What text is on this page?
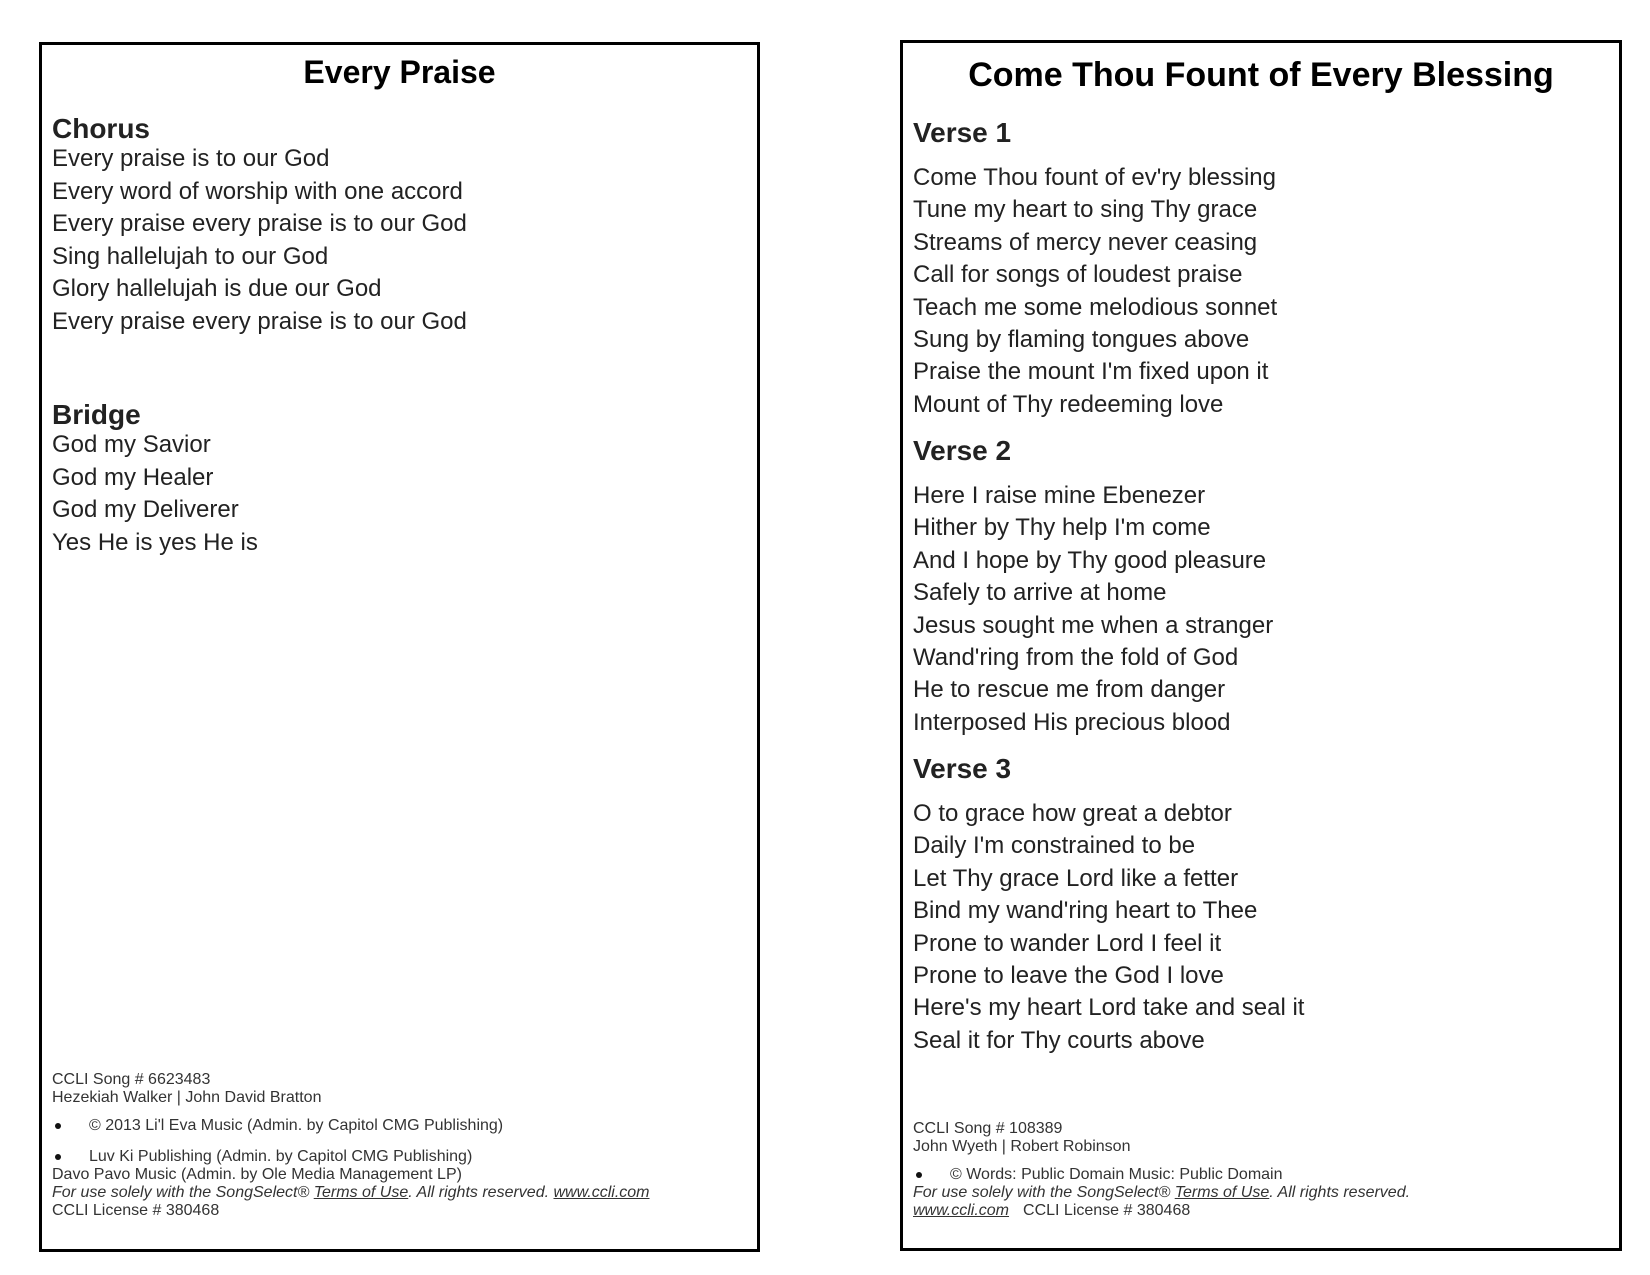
Every Praise
Chorus
Every praise is to our God
Every word of worship with one accord
Every praise every praise is to our God
Sing hallelujah to our God
Glory hallelujah is due our God
Every praise every praise is to our God
Bridge
God my Savior
God my Healer
God my Deliverer
Yes He is yes He is
CCLI Song # 6623483
Hezekiah Walker | John David Bratton
© 2013 Li'l Eva Music (Admin. by Capitol CMG Publishing)
Luv Ki Publishing (Admin. by Capitol CMG Publishing)
Davo Pavo Music (Admin. by Ole Media Management LP)
For use solely with the SongSelect® Terms of Use. All rights reserved. www.ccli.com
CCLI License # 380468
Come Thou Fount of Every Blessing
Verse 1
Come Thou fount of ev'ry blessing
Tune my heart to sing Thy grace
Streams of mercy never ceasing
Call for songs of loudest praise
Teach me some melodious sonnet
Sung by flaming tongues above
Praise the mount I'm fixed upon it
Mount of Thy redeeming love
Verse 2
Here I raise mine Ebenezer
Hither by Thy help I'm come
And I hope by Thy good pleasure
Safely to arrive at home
Jesus sought me when a stranger
Wand'ring from the fold of God
He to rescue me from danger
Interposed His precious blood
Verse 3
O to grace how great a debtor
Daily I'm constrained to be
Let Thy grace Lord like a fetter
Bind my wand'ring heart to Thee
Prone to wander Lord I feel it
Prone to leave the God I love
Here's my heart Lord take and seal it
Seal it for Thy courts above
CCLI Song # 108389
John Wyeth | Robert Robinson
© Words: Public Domain Music: Public Domain
For use solely with the SongSelect® Terms of Use. All rights reserved.
www.ccli.com CCLI License # 380468
